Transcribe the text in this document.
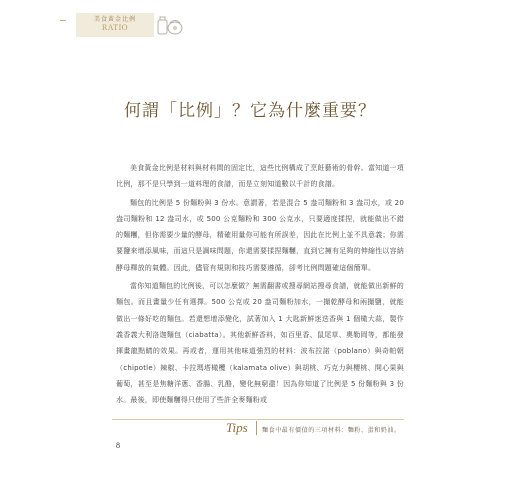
美食黃金比例
RATIO
何謂「比例」？它為什麼重要？

美食黃金比例是材料與材料間的固定比，這些比例構成了烹飪藝術的骨幹。當知道一項比例，那不是只學到一道料理的食譜，而是立刻知道數以千計的食譜。

麵包的比例是 5 份麵粉與 3 份水。意謂著，若是混合 5 盎司麵粉和 3 盎司水，或 20 盎司麵粉和 12 盎司水，或 500 公克麵粉和 300 公克水，只要適度揉捏，就能做出不錯的麵糰，但你需要少量的酵母，精確用量你可能有所誤差，因此在比例上並不具意義；你需要鹽來增添風味，而這只是調味問題，你還需要揉捏麵糰，直到它擁有足夠的伸縮性以容納酵母釋放的氣體。因此，儘管有規則和技巧需要遵循，卻考比例問題確這個簡單。

當你知道麵包的比例後，可以怎麼做？無需翻書或搜尋網站搜尋食譜，就能做出新鮮的麵包。而且畫量少任有選擇。500 公克或 20 盎司麵粉加水，一撮乾酵母和兩撮鹽，就能做出一條好吃的麵包。若還想增添變化，試著加入 1 大匙新鮮迷迭香與 1 個橄大蒜，製作義香義大利洛迦麵包（ciabatta）。其他新鮮香料，如百里香、鼠尾草、奧勒岡等，都能發揮畫龍點睛的效果。再或者，運用其他味道強烈的材料：波布拉諾（poblano）與奇帕朝（chipotle）辣椒、卡拉瑪塔橄欖（kalamata olive）與胡桃、巧克力與櫻桃、開心果與葡萄，甚至是焦糖洋蔥、香腸、乳酪，變化無窮盡！因為你知道了比例是 5 份麵粉與 3 份水。最後，即使麵糰得只使用了些許全麥麵粉或

Tips 麵食中最有價值的三項材料：麵粉、蛋和奶油。
8
